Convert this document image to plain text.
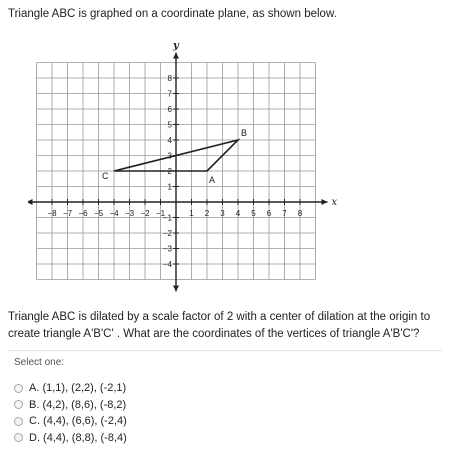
Triangle ABC is graphed on a coordinate plane, as shown below.
x
y
−8 −7 −6 −5 −4 −3 −2 −1	1 2 3 4 5 6 7 8
−4
−3
−2
−1
1
2
3
4
5
6
7
8
A
B
C
Triangle ABC is dilated by a scale factor of 2 with a center of dilation at the origin to create triangle A'B'C' . What are the coordinates of the vertices of triangle A'B'C'?
Select one:
A. (1,1), (2,2), (-2,1)
B. (4,2), (8,6), (-8,2)
C. (4,4), (6,6), (-2,4)
D. (4,4), (8,8), (-8,4)
